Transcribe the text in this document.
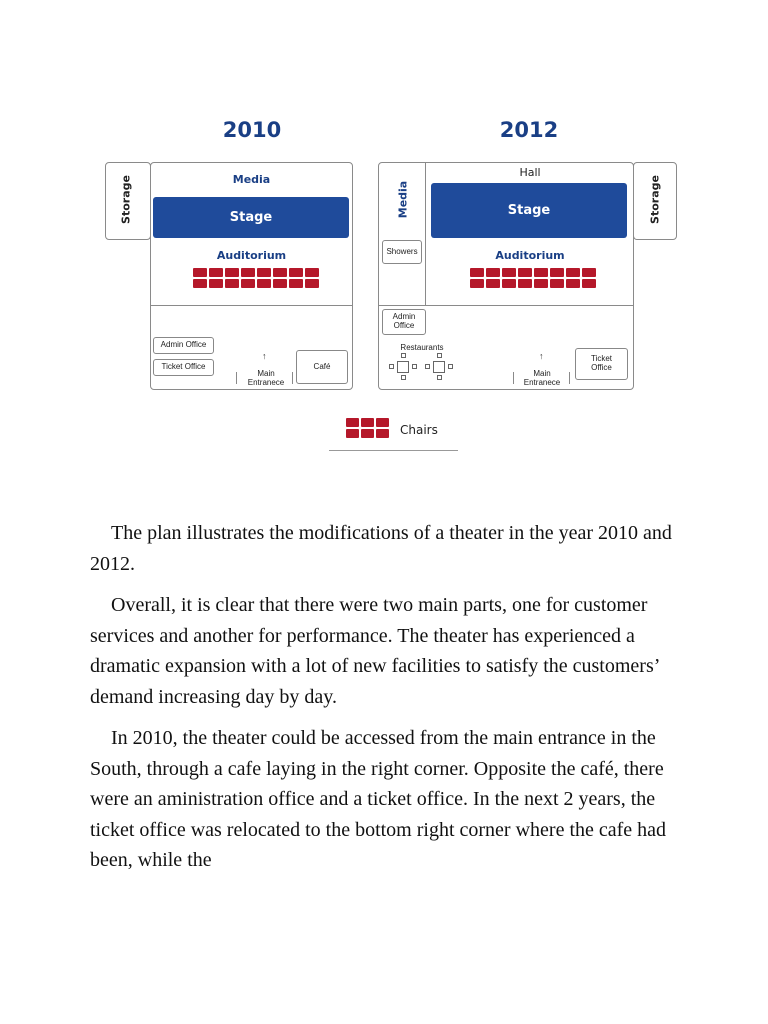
2010
Storage	Media
Stage
Auditorium
Admin Office
Ticket Office	Café
↑
Main
Entranece
2012
Storage
Hall
Media	Stage
Showers	Auditorium
Admin
Office
Restaurants
↑
Main
Entranece
Ticket
Office
Chairs

The plan illustrates the modifications of a theater in the year 2010 and 2012.

Overall, it is clear that there were two main parts, one for customer services and another for performance. The theater has experienced a dramatic expansion with a lot of new facilities to satisfy the customers’ demand increasing day by day.

In 2010, the theater could be accessed from the main entrance in the South, through a cafe laying in the right corner. Opposite the café, there were an aministration office and a ticket office. In the next 2 years, the ticket office was relocated to the bottom right corner where the cafe had been, while the
